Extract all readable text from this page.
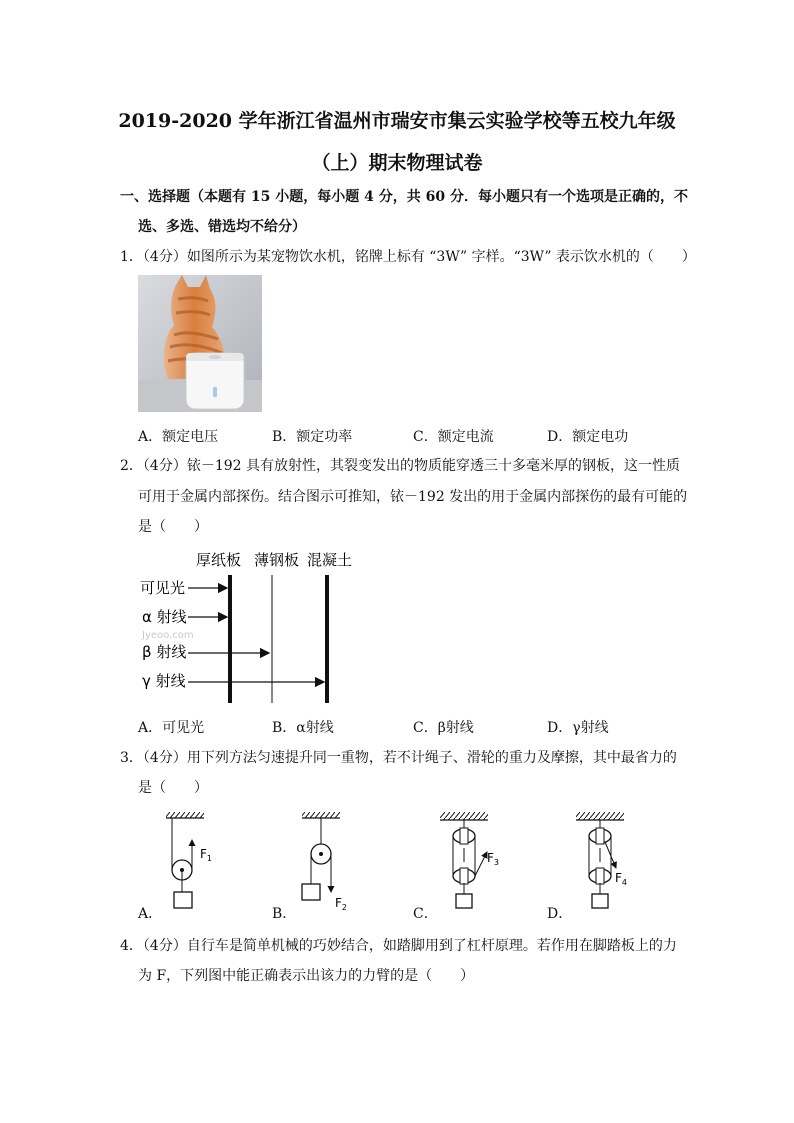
2019-2020 学年浙江省温州市瑞安市集云实验学校等五校九年级
（上）期末物理试卷
一、选择题（本题有 15 小题，每小题 4 分，共 60 分．每小题只有一个选项是正确的，不
选、多选、错选均不给分）
1．（4分）如图所示为某宠物饮水机，铭牌上标有 “3W” 字样。“3W” 表示饮水机的（　　）
A．额定电压	B．额定功率	C．额定电流	D．额定电功
2．（4分）铱－192 具有放射性，其裂变发出的物质能穿透三十多毫米厚的钢板，这一性质
可用于金属内部探伤。结合图示可推知，铱－192 发出的用于金属内部探伤的最有可能的
是（　　）
厚纸板 薄钢板 混凝土
可见光
α 射线
Jyeoo.com
β 射线
γ 射线
A．可见光	B．α射线	C．β射线	D．γ射线
3．（4分）用下列方法匀速提升同一重物，若不计绳子、滑轮的重力及摩擦，其中最省力的
是（　　）
A．	B．	C．	D．
$F_1$
$F_2$
$F_3$
$F_4$
4．（4分）自行车是简单机械的巧妙结合，如踏脚用到了杠杆原理。若作用在脚踏板上的力
为 F，下列图中能正确表示出该力的力臂的是（　　）
